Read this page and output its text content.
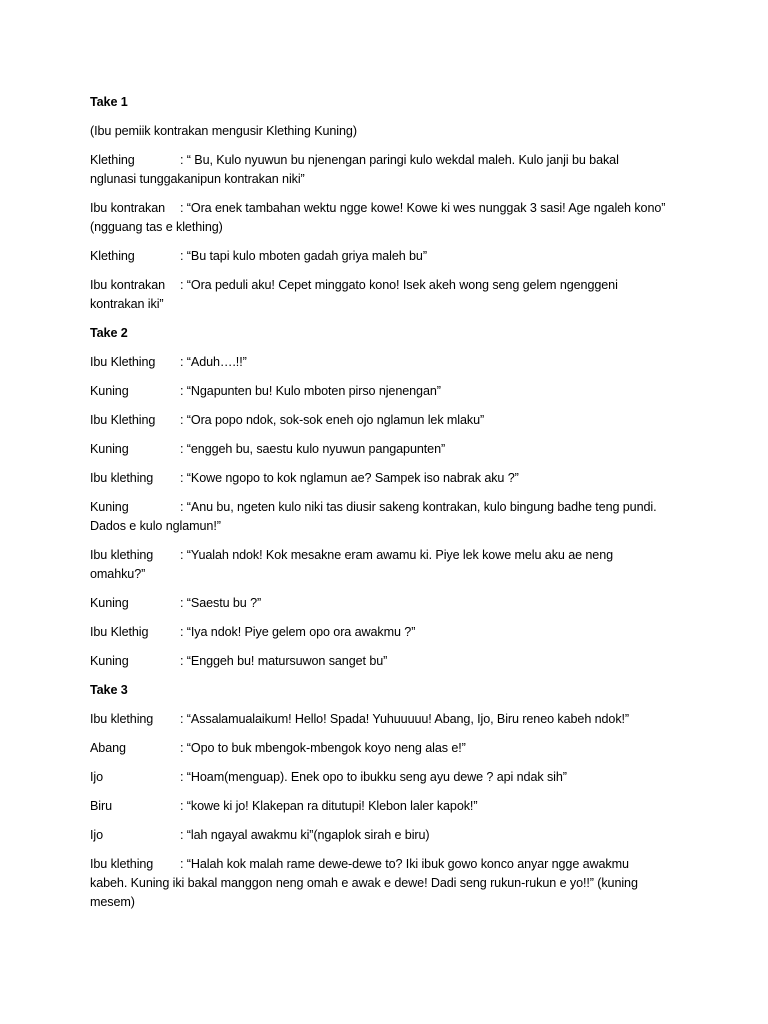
Take 1
(Ibu pemiik kontrakan mengusir Klething Kuning)
Klething	: “ Bu, Kulo nyuwun bu njenengan paringi kulo wekdal maleh. Kulo janji bu bakal
nglunasi tunggakanipun kontrakan niki”
Ibu kontrakan : “Ora enek tambahan wektu ngge kowe! Kowe ki wes nunggak 3 sasi! Age ngaleh kono”
(ngguang tas e klething)
Klething	: “Bu tapi kulo mboten gadah griya maleh bu”
Ibu kontrakan : “Ora peduli aku! Cepet minggato kono! Isek akeh wong seng gelem ngenggeni
kontrakan iki”
Take 2
Ibu Klething : “Aduh….!!”
Kuning	: “Ngapunten bu! Kulo mboten pirso njenengan”
Ibu Klething : “Ora popo ndok, sok-sok eneh ojo nglamun lek mlaku”
Kuning	: “enggeh bu, saestu kulo nyuwun pangapunten”
Ibu klething : “Kowe ngopo to kok nglamun ae? Sampek iso nabrak aku ?”
Kuning	: “Anu bu, ngeten kulo niki tas diusir sakeng kontrakan, kulo bingung badhe teng pundi.
Dados e kulo nglamun!”
Ibu klething : “Yualah ndok! Kok mesakne eram awamu ki. Piye lek kowe melu aku ae neng
omahku?”
Kuning	: “Saestu bu ?”
Ibu Klethig	: “Iya ndok! Piye gelem opo ora awakmu ?”
Kuning	: “Enggeh bu! matursuwon sanget bu”
Take 3
Ibu klething : “Assalamualaikum! Hello! Spada! Yuhuuuuu! Abang, Ijo, Biru reneo kabeh ndok!”
Abang	: “Opo to buk mbengok-mbengok koyo neng alas e!”
Ijo	: “Hoam(menguap). Enek opo to ibukku seng ayu dewe ? api ndak sih”
Biru	: “kowe ki jo! Klakepan ra ditutupi! Klebon laler kapok!”
Ijo	: “lah ngayal awakmu ki”(ngaplok sirah e biru)
Ibu klething : “Halah kok malah rame dewe-dewe to? Iki ibuk gowo konco anyar ngge awakmu
kabeh. Kuning iki bakal manggon neng omah e awak e dewe! Dadi seng rukun-rukun e yo!!” (kuning
mesem)
